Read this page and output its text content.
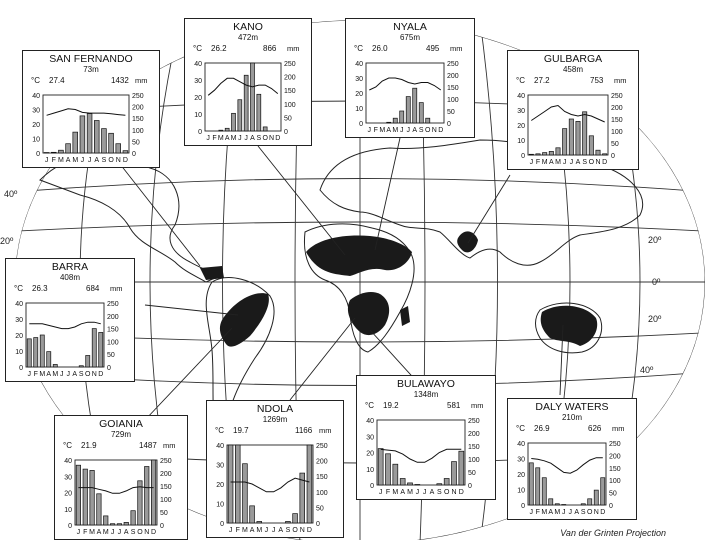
40º
20º	20º
0º
20º
40º
SAN FERNANDO
73m
°C 27.4	1432 mm
0
10
20
30
40
0
50
100
150
200
250
J F M A M J J A S O N D
KANO
472m
°C 26.2	866 mm
0
10
20
30
40
0
50
100
150
200
250
J F M A M J J A S O N D
NYALA
675m
°C 26.0	495 mm
0
10
20
30
40
0
50
100
150
200
250
J F M A M J J A S O N D
GULBARGA
458m
°C 27.2	753 mm
0
10
20
30
40
0
50
100
150
200
250
J F M A M J J A S O N D
BARRA
408m
°C 26.3	684 mm
0
10
20
30
40
0
50
100
150
200
250
J F M A M J J A S O N D
GOIANIA
729m
°C 21.9	1487 mm
0
10
20
30
40
0
50
100
150
200
250
J F M A M J J A S O N D
NDOLA
1269m
°C 19.7	1166 mm
0
10
20
30
40
0
50
100
150
200
250
J F M A M J J A S O N D
BULAWAYO
1348m
°C 19.2	581 mm
0
10
20
30
40
0
50
100
150
200
250
J F M A M J J A S O N D
DALY WATERS
210m
°C 26.9	626 mm
0
10
20
30
40
0
50
100
150
200
250
J F M A M J J A S O N D
Van der Grinten Projection
